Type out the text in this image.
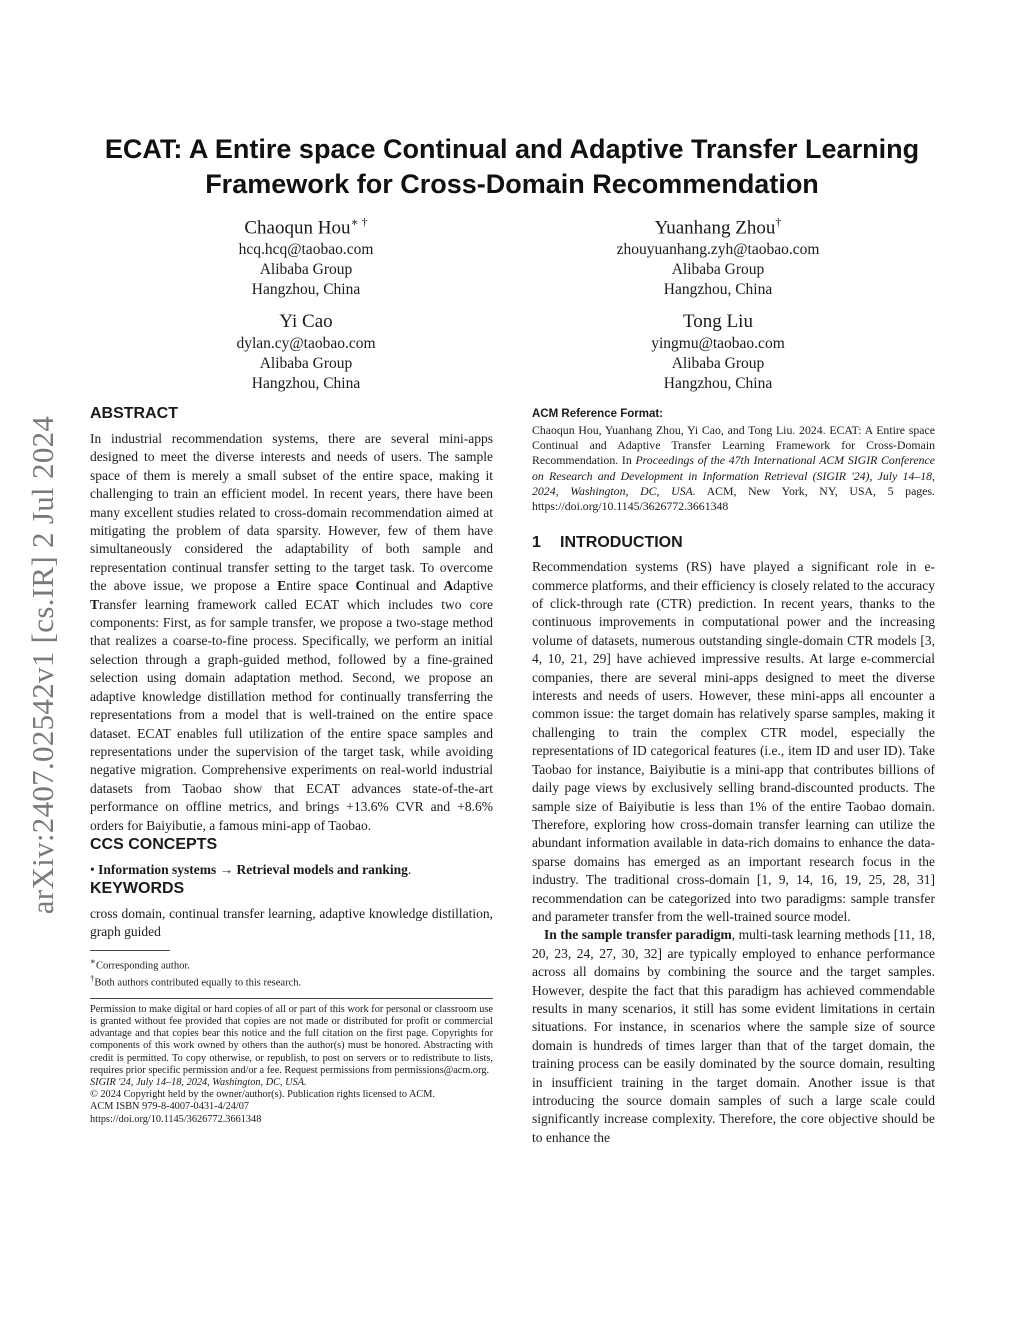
arXiv:2407.02542v1 [cs.IR] 2 Jul 2024
ECAT: A Entire space Continual and Adaptive Transfer Learning Framework for Cross-Domain Recommendation
Chaoqun Hou∗ †
hcq.hcq@taobao.com
Alibaba Group
Hangzhou, China
Yuanhang Zhou†
zhouyuanhang.zyh@taobao.com
Alibaba Group
Hangzhou, China
Yi Cao
dylan.cy@taobao.com
Alibaba Group
Hangzhou, China
Tong Liu
yingmu@taobao.com
Alibaba Group
Hangzhou, China
ABSTRACT

In industrial recommendation systems, there are several mini-apps designed to meet the diverse interests and needs of users. The sample space of them is merely a small subset of the entire space, making it challenging to train an efficient model. In recent years, there have been many excellent studies related to cross-domain recommendation aimed at mitigating the problem of data sparsity. However, few of them have simultaneously considered the adaptability of both sample and representation continual transfer setting to the target task. To overcome the above issue, we propose a Entire space Continual and Adaptive Transfer learning framework called ECAT which includes two core components: First, as for sample transfer, we propose a two-stage method that realizes a coarse-to-fine process. Specifically, we perform an initial selection through a graph-guided method, followed by a fine-grained selection using domain adaptation method. Second, we propose an adaptive knowledge distillation method for continually transferring the representations from a model that is well-trained on the entire space dataset. ECAT enables full utilization of the entire space samples and representations under the supervision of the target task, while avoiding negative migration. Comprehensive experiments on real-world industrial datasets from Taobao show that ECAT advances state-of-the-art performance on offline metrics, and brings +13.6% CVR and +8.6% orders for Baiyibutie, a famous mini-app of Taobao.

CCS CONCEPTS

• Information systems → Retrieval models and ranking.

KEYWORDS

cross domain, continual transfer learning, adaptive knowledge distillation, graph guided

∗Corresponding author.

†Both authors contributed equally to this research.

Permission to make digital or hard copies of all or part of this work for personal or classroom use is granted without fee provided that copies are not made or distributed for profit or commercial advantage and that copies bear this notice and the full citation on the first page. Copyrights for components of this work owned by others than the author(s) must be honored. Abstracting with credit is permitted. To copy otherwise, or republish, to post on servers or to redistribute to lists, requires prior specific permission and/or a fee. Request permissions from permissions@acm.org.

SIGIR '24, July 14–18, 2024, Washington, DC, USA.

© 2024 Copyright held by the owner/author(s). Publication rights licensed to ACM.

ACM ISBN 979-8-4007-0431-4/24/07

https://doi.org/10.1145/3626772.3661348

ACM Reference Format:

Chaoqun Hou, Yuanhang Zhou, Yi Cao, and Tong Liu. 2024. ECAT: A Entire space Continual and Adaptive Transfer Learning Framework for Cross-Domain Recommendation. In Proceedings of the 47th International ACM SIGIR Conference on Research and Development in Information Retrieval (SIGIR '24), July 14–18, 2024, Washington, DC, USA. ACM, New York, NY, USA, 5 pages. https://doi.org/10.1145/3626772.3661348

1 INTRODUCTION

Recommendation systems (RS) have played a significant role in e-commerce platforms, and their efficiency is closely related to the accuracy of click-through rate (CTR) prediction. In recent years, thanks to the continuous improvements in computational power and the increasing volume of datasets, numerous outstanding single-domain CTR models [3, 4, 10, 21, 29] have achieved impressive results. At large e-commercial companies, there are several mini-apps designed to meet the diverse interests and needs of users. However, these mini-apps all encounter a common issue: the target domain has relatively sparse samples, making it challenging to train the complex CTR model, especially the representations of ID categorical features (i.e., item ID and user ID). Take Taobao for instance, Baiyibutie is a mini-app that contributes billions of daily page views by exclusively selling brand-discounted products. The sample size of Baiyibutie is less than 1% of the entire Taobao domain. Therefore, exploring how cross-domain transfer learning can utilize the abundant information available in data-rich domains to enhance the data-sparse domains has emerged as an important research focus in the industry. The traditional cross-domain [1, 9, 14, 16, 19, 25, 28, 31] recommendation can be categorized into two paradigms: sample transfer and parameter transfer from the well-trained source model.

In the sample transfer paradigm, multi-task learning methods [11, 18, 20, 23, 24, 27, 30, 32] are typically employed to enhance performance across all domains by combining the source and the target samples. However, despite the fact that this paradigm has achieved commendable results in many scenarios, it still has some evident limitations in certain situations. For instance, in scenarios where the sample size of source domain is hundreds of times larger than that of the target domain, the training process can be easily dominated by the source domain, resulting in insufficient training in the target domain. Another issue is that introducing the source domain samples of such a large scale could significantly increase complexity. Therefore, the core objective should be to enhance the
